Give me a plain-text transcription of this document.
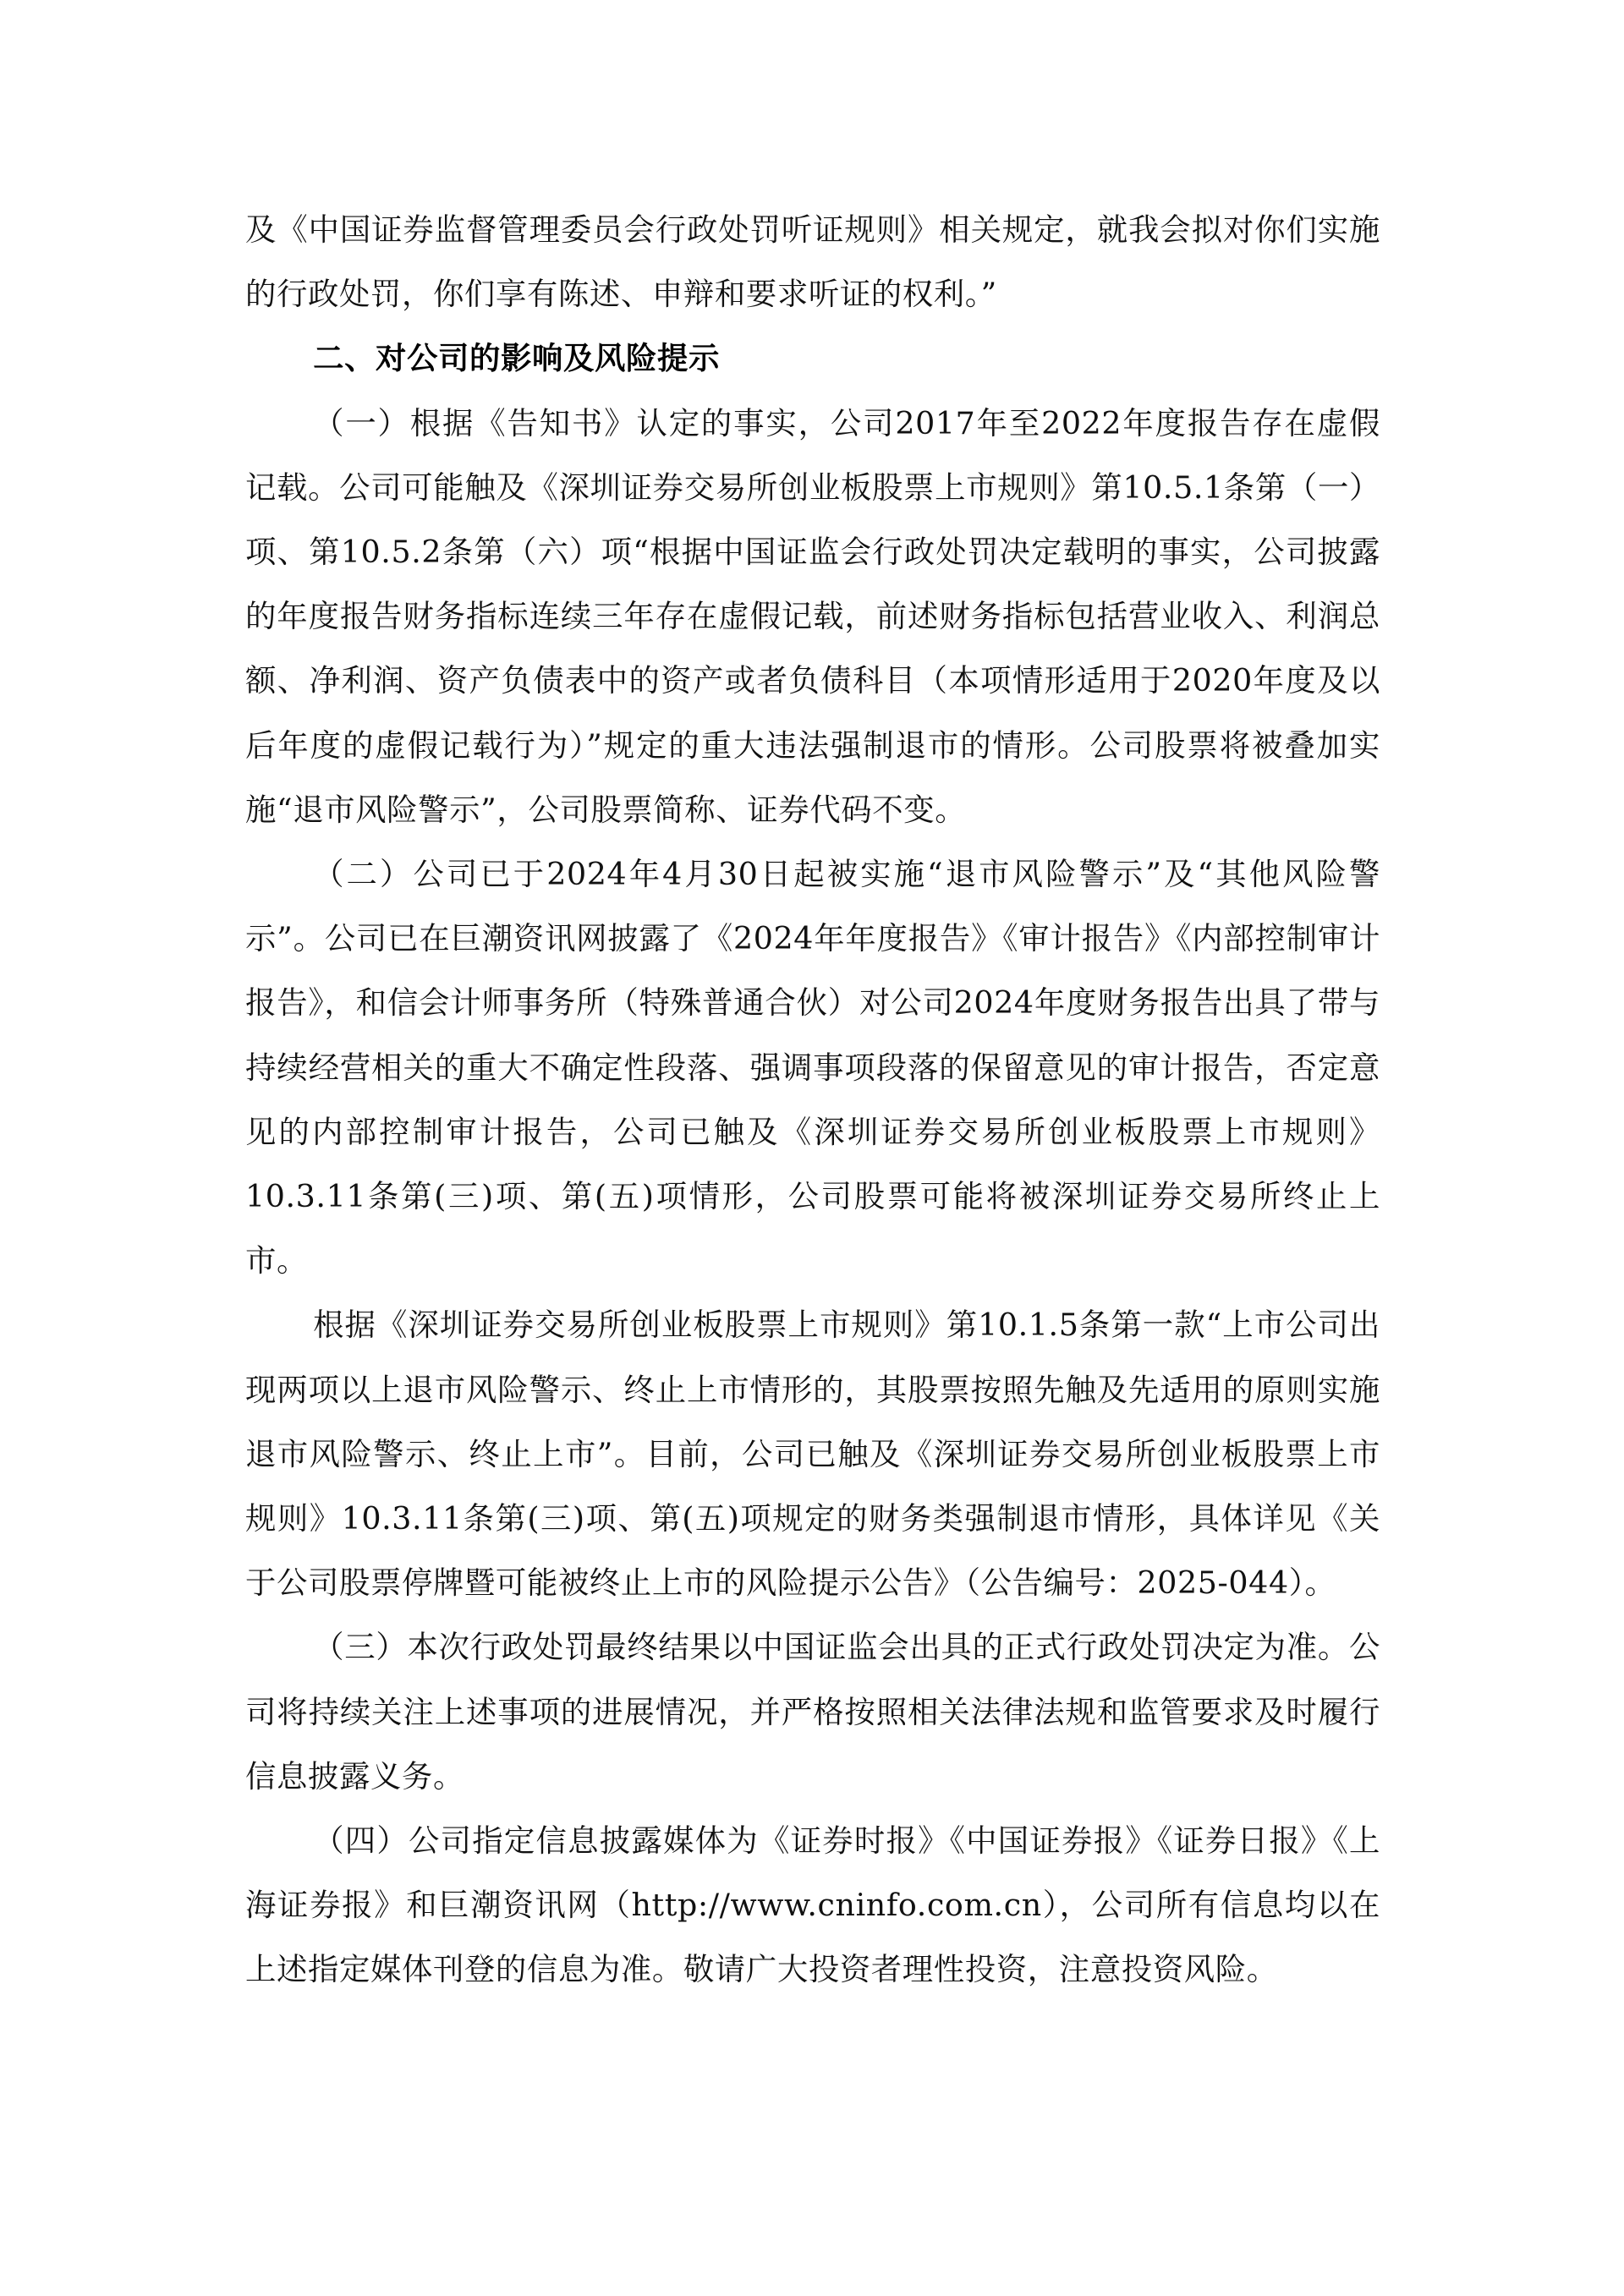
及《中国证券监督管理委员会行政处罚听证规则》相关规定，就我会拟对你们实施的行政处罚，你们享有陈述、申辩和要求听证的权利。”

二、对公司的影响及风险提示

（一）根据《告知书》认定的事实，公司2017年至2022年度报告存在虚假记载。公司可能触及《深圳证券交易所创业板股票上市规则》第10.5.1条第（一）项、第10.5.2条第（六）项“根据中国证监会行政处罚决定载明的事实，公司披露的年度报告财务指标连续三年存在虚假记载，前述财务指标包括营业收入、利润总额、净利润、资产负债表中的资产或者负债科目（本项情形适用于2020年度及以后年度的虚假记载行为）”规定的重大违法强制退市的情形。公司股票将被叠加实施“退市风险警示”，公司股票简称、证券代码不变。

（二）公司已于2024年4月30日起被实施“退市风险警示”及“其他风险警示”。公司已在巨潮资讯网披露了《2024年年度报告》《审计报告》《内部控制审计报告》，和信会计师事务所（特殊普通合伙）对公司2024年度财务报告出具了带与持续经营相关的重大不确定性段落、强调事项段落的保留意见的审计报告，否定意见的内部控制审计报告，公司已触及《深圳证券交易所创业板股票上市规则》10.3.11条第(三)项、第(五)项情形，公司股票可能将被深圳证券交易所终止上市。

根据《深圳证券交易所创业板股票上市规则》第10.1.5条第一款“上市公司出现两项以上退市风险警示、终止上市情形的，其股票按照先触及先适用的原则实施退市风险警示、终止上市”。目前，公司已触及《深圳证券交易所创业板股票上市规则》10.3.11条第(三)项、第(五)项规定的财务类强制退市情形，具体详见《关于公司股票停牌暨可能被终止上市的风险提示公告》（公告编号：2025-044）。

（三）本次行政处罚最终结果以中国证监会出具的正式行政处罚决定为准。公司将持续关注上述事项的进展情况，并严格按照相关法律法规和监管要求及时履行信息披露义务。

（四）公司指定信息披露媒体为《证券时报》《中国证券报》《证券日报》《上海证券报》和巨潮资讯网（http://www.cninfo.com.cn），公司所有信息均以在上述指定媒体刊登的信息为准。敬请广大投资者理性投资，注意投资风险。
